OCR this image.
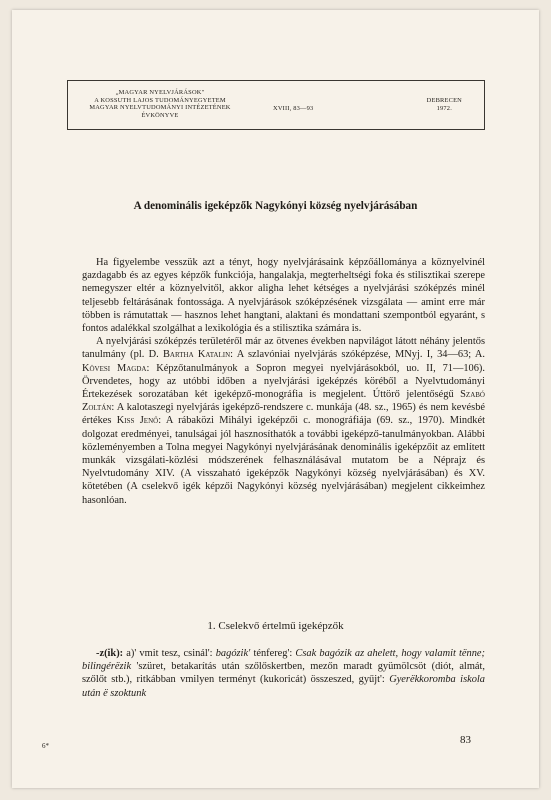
„MAGYAR NYELVJÁRÁSOK"
A KOSSUTH LAJOS TUDOMÁNYEGYETEM
MAGYAR NYELVTUDOMÁNYI INTÉZETÉNEK
ÉVKÖNYVE
XVIII, 83—93
DEBRECEN
1972.
A denominális igeképzők Nagykónyi község nyelvjárásában

Ha figyelembe vesszük azt a tényt, hogy nyelvjárásaink képzőállománya a köznyelvinél gazdagabb és az egyes képzők funkciója, hangalakja, megterheltségi foka és stilisztikai szerepe nemegyszer eltér a köznyelvitől, akkor aligha lehet kétséges a nyelvjárási szóképzés minél teljesebb feltárásának fontossága. A nyelvjárások szóképzésének vizsgálata — amint erre már többen is rámutattak — hasznos lehet hangtani, alaktani és mondattani szempontból egyaránt, s fontos adalékkal szolgálhat a lexikológia és a stilisztika számára is.

A nyelvjárási szóképzés területéről már az ötvenes években napvilágot látott néhány jelentős tanulmány (pl. D. Bartha Katalin: A szlavóniai nyelvjárás szóképzése, MNyj. I, 34—63; A. Kövesi Magda: Képzőtanulmányok a Sopron megyei nyelvjárásokból, uo. II, 71—106). Örvendetes, hogy az utóbbi időben a nyelvjárási igeképzés köréből a Nyelvtudományi Értekezések sorozatában két igeképző-monográfia is megjelent. Úttörő jelentőségű Szabó Zoltán: A kalotaszegi nyelvjárás igeképző-rendszere c. munkája (48. sz., 1965) és nem kevésbé értékes Kiss Jenő: A rábaközi Mihályi igeképzői c. monográfiája (69. sz., 1970). Mindkét dolgozat eredményei, tanulságai jól hasznosíthatók a további igeképző-tanulmányokban. Alábbi közleményemben a Tolna megyei Nagykónyi nyelvjárásának denominális igeképzőit az említett munkák vizsgálati-közlési módszerének felhasználásával mutatom be a Néprajz és Nyelvtudomány XIV. (A visszaható igeképzők Nagykónyi község nyelvjárásában) és XV. kötetében (A cselekvő igék képzői Nagykónyi község nyelvjárásában) megjelent cikkeimhez hasonlóan.

1. Cselekvő értelmű igeképzők

-z(ik): a)' vmit tesz, csinál': bagózik' ténfereg': Csak bagózik az ahelett, hogy valamit tënne; bilingérëzik 'szüret, betakarítás után szőlőskertben, mezőn maradt gyümölcsöt (diót, almát, szőlőt stb.), ritkábban vmilyen terményt (kukoricát) összeszed, gyűjt': Gyerëkkoromba iskola után ë szoktunk

6*	83
